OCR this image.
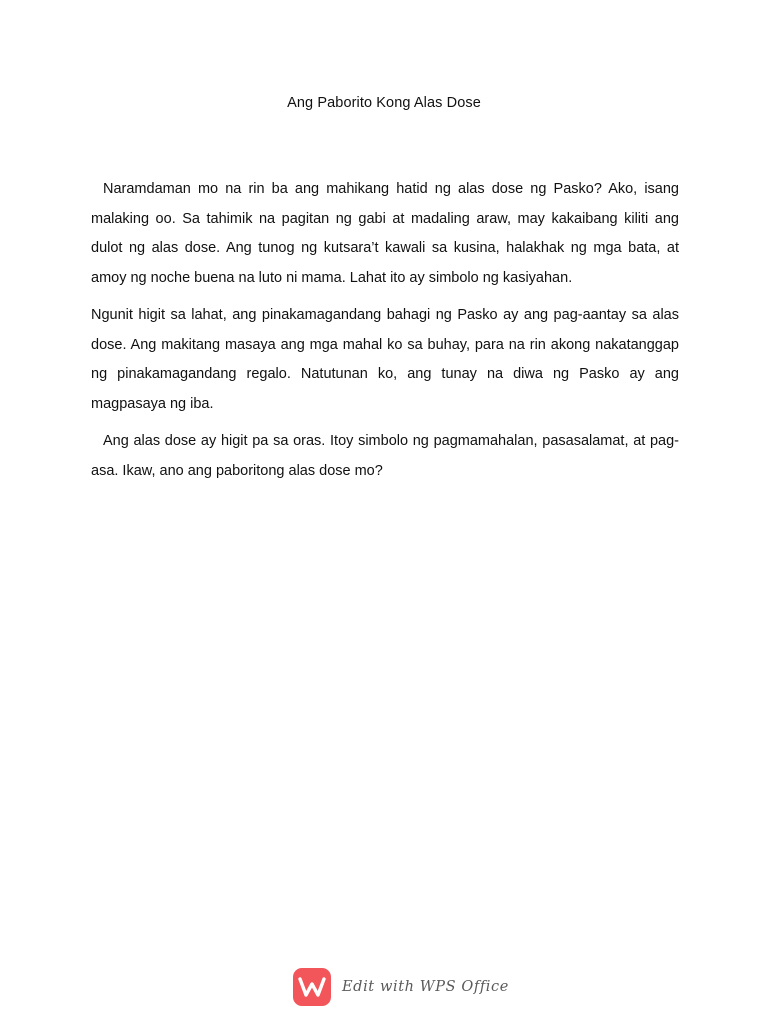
Ang Paborito Kong Alas Dose

Naramdaman mo na rin ba ang mahikang hatid ng alas dose ng Pasko? Ako, isang malaking oo. Sa tahimik na pagitan ng gabi at madaling araw, may kakaibang kiliti ang dulot ng alas dose. Ang tunog ng kutsara’t kawali sa kusina, halakhak ng mga bata, at amoy ng noche buena na luto ni mama. Lahat ito ay simbolo ng kasiyahan.

Ngunit higit sa lahat, ang pinakamagandang bahagi ng Pasko ay ang pag-aantay sa alas dose. Ang makitang masaya ang mga mahal ko sa buhay, para na rin akong nakatanggap ng pinakamagandang regalo. Natutunan ko, ang tunay na diwa ng Pasko ay ang magpasaya ng iba.

Ang alas dose ay higit pa sa oras. Itoy simbolo ng pagmamahalan, pasasalamat, at pag-asa. Ikaw, ano ang paboritong alas dose mo?

Edit with WPS Office
